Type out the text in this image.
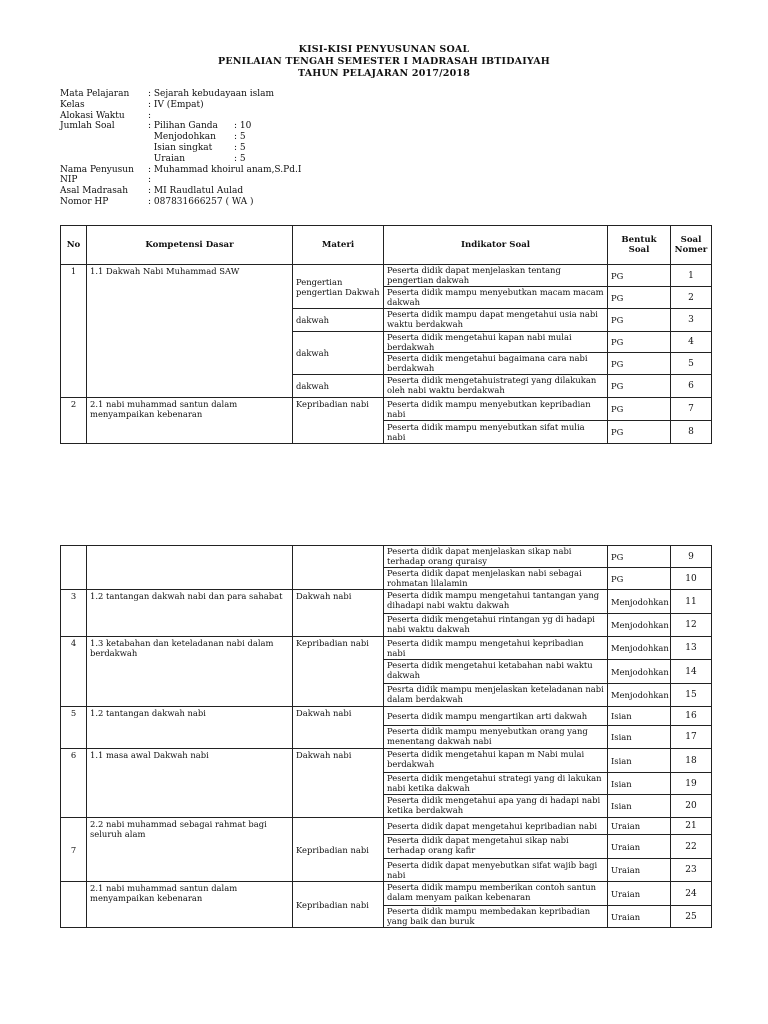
KISI-KISI PENYUSUNAN SOAL
PENILAIAN TENGAH SEMESTER I MADRASAH IBTIDAIYAH
TAHUN PELAJARAN 2017/2018
Mata Pelajaran	: Sejarah kebudayaan islam
Kelas	: IV (Empat)
Alokasi Waktu	:
Jumlah Soal	: Pilihan Ganda	: 10
Menjodohkan	: 5
Isian singkat	: 5
Uraian	: 5
Nama Penyusun	: Muhammad khoirul anam,S.Pd.I
NIP	:
Asal Madrasah	: MI Raudlatul Aulad
Nomor HP	: 087831666257 ( WA )
No	Kompetensi Dasar	Materi	Indikator Soal	Bentuk Soal	Soal Nomer
1	1.1 Dakwah Nabi Muhammad SAW	Pengertian pengertian Dakwah	Peserta didik dapat menjelaskan tentang pengertian dakwah	PG	1
			Peserta didik mampu menyebutkan macam macam dakwah	PG	2
		dakwah	Peserta didik mampu dapat mengetahui usia nabi waktu berdakwah	PG	3
		dakwah	Peserta didik mengetahui kapan nabi mulai berdakwah	PG	4
			Peserta didik mengetahui bagaimana cara nabi berdakwah	PG	5
		dakwah	Peserta didik mengetahuistrategi yang dilakukan oleh nabi waktu berdakwah	PG	6
2	2.1 nabi muhammad santun dalam menyampaikan kebenaran	Kepribadian nabi	Peserta didik mampu menyebutkan kepribadian nabi	PG	7
			Peserta didik mampu menyebutkan sifat mulia nabi	PG	8
			Peserta didik dapat menjelaskan sikap nabi terhadap orang quraisy	PG	9
			Peserta didik dapat menjelaskan nabi sebagai rohmatan lilalamin	PG	10
3	1.2 tantangan dakwah nabi dan para sahabat	Dakwah nabi	Peserta didik mampu mengetahui tantangan yang dihadapi nabi waktu dakwah	Menjodohkan	11
			Peserta didik mengetahui rintangan yg di hadapi nabi waktu dakwah	Menjodohkan	12
4	1.3 ketabahan dan keteladanan nabi dalam berdakwah	Kepribadian nabi	Peserta didik mampu mengetahui kepribadian nabi	Menjodohkan	13
			Peserta didik mengetahui ketabahan nabi waktu dakwah	Menjodohkan	14
			Pesrta didik mampu menjelaskan keteladanan nabi dalam berdakwah	Menjodohkan	15
5	1.2 tantangan dakwah nabi	Dakwah nabi	Peserta didik mampu mengartikan arti dakwah	Isian	16
			Peserta didik mampu menyebutkan orang yang menentang dakwah nabi	Isian	17
6	1.1 masa awal Dakwah nabi	Dakwah nabi	Peserta didik mengetahui kapan m Nabi mulai berdakwah	Isian	18
			Peserta didik mengetahui strategi yang di lakukan nabi ketika dakwah	Isian	19
			Peserta didik mengetahui apa yang di hadapi nabi ketika berdakwah	Isian	20
7	2.2 nabi muhammad sebagai rahmat bagi seluruh alam	Kepribadian nabi	Peserta didik dapat mengetahui kepribadian nabi	Uraian	21
			Peserta didik dapat mengetahui sikap nabi terhadap orang kafir	Uraian	22
			Peserta didik dapat menyebutkan sifat wajib bagi nabi	Uraian	23
	2.1 nabi muhammad santun dalam menyampaikan kebenaran	Kepribadian nabi	Peserta didik mampu memberikan contoh santun dalam menyam paikan kebenaran	Uraian	24
			Peserta didik mampu membedakan kepribadian yang baik dan buruk	Uraian	25
